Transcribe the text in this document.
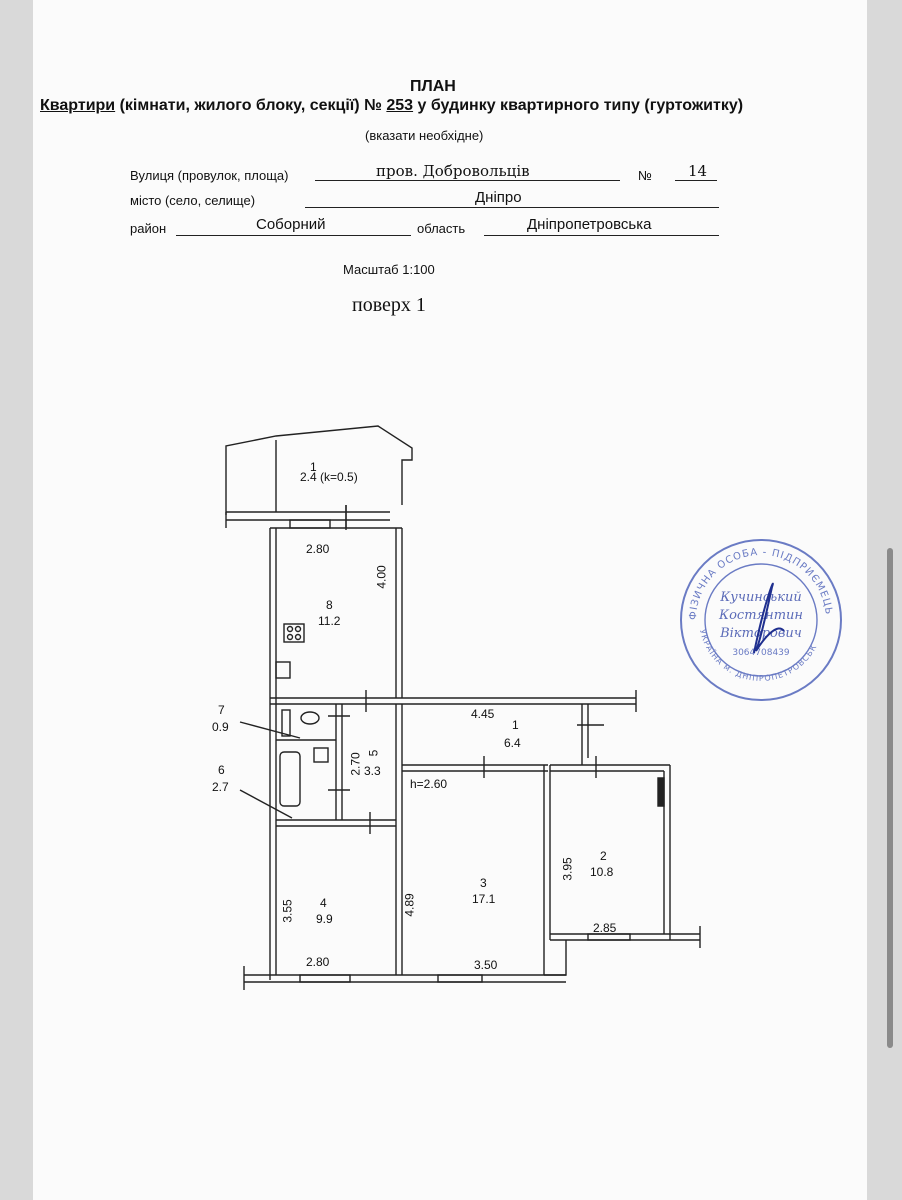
ПЛАН
Квартири (кімнати, жилого блоку, секції) № 253 у будинку квартирного типу (гуртожитку)
(вказати необхідне)
Вулиця (провулок, площа)	пров. Добровольців	№ 14
місто (село, селище)	Дніпро
район	Соборний	область	Дніпропетровська
Масштаб 1:100
поверх 1
1
2.4 (k=0.5)
2.80
4.00
8
11.2
7
0.9
6
2.7
2.70 5
3.3
4.45
1
6.4
h=2.60
3
17.1
4.89
3.95
2
10.8
2.85
3.55 4
9.9
2.80	3.50
ФІЗИЧНА ОСОБА - ПІДПРИЄМЕЦЬ
УКРАЇНА м. ДНІПРОПЕТРОВСЬК
Кучинський
Костянтин
Вікторович
3064708439
